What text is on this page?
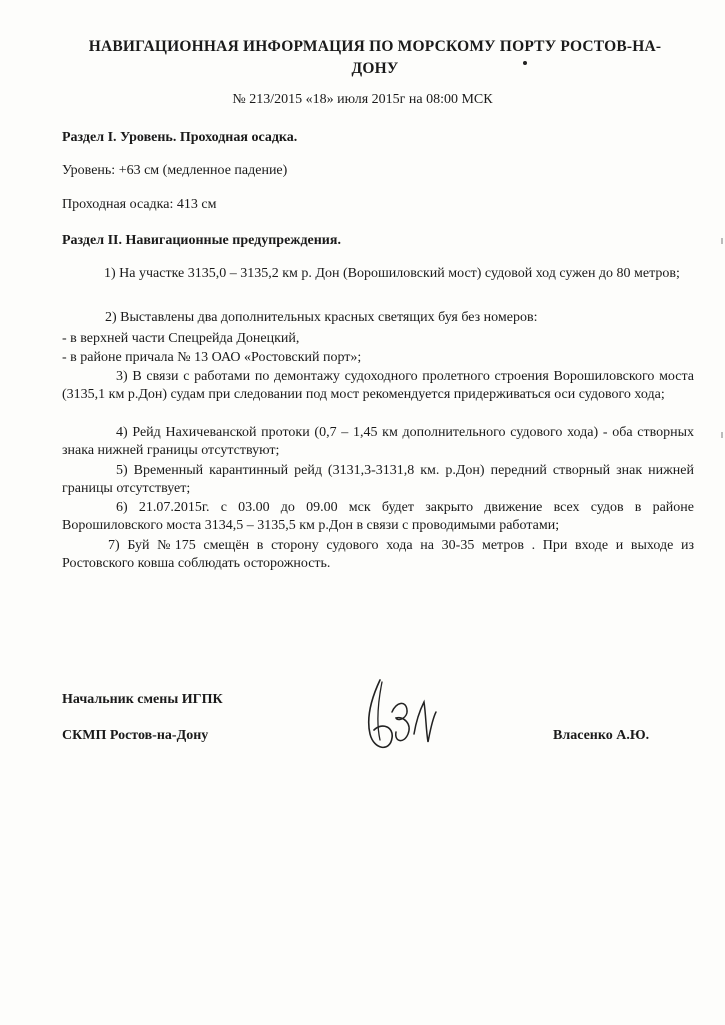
НАВИГАЦИОННАЯ ИНФОРМАЦИЯ ПО МОРСКОМУ ПОРТУ РОСТОВ-НА-ДОНУ
№ 213/2015 «18» июля 2015г на 08:00 МСК
Раздел I. Уровень. Проходная осадка.
Уровень: +63 см (медленное падение)
Проходная осадка: 413 см
Раздел II. Навигационные предупреждения.
1) На участке 3135,0 – 3135,2 км р. Дон (Ворошиловский мост) судовой ход сужен до 80 метров;
2) Выставлены два дополнительных красных светящих буя без номеров:
- в верхней части Спецрейда Донецкий,
- в районе причала № 13 ОАО «Ростовский порт»;
3) В связи с работами по демонтажу судоходного пролетного строения Ворошиловского моста (3135,1 км р.Дон) судам при следовании под мост рекомендуется придерживаться оси судового хода;
4) Рейд Нахичеванской протоки (0,7 – 1,45 км дополнительного судового хода) - оба створных знака нижней границы отсутствуют;
5) Временный карантинный рейд (3131,3-3131,8 км. р.Дон) передний створный знак нижней границы отсутствует;
6) 21.07.2015г. с 03.00 до 09.00 мск будет закрыто движение всех судов в районе Ворошиловского моста 3134,5 – 3135,5 км р.Дон в связи с проводимыми работами;
7) Буй №175 смещён в сторону судового хода на 30-35 метров . При входе и выходе из Ростовского ковша соблюдать осторожность.
Начальник смены ИГПК
СКМП Ростов-на-Дону	Власенко А.Ю.
